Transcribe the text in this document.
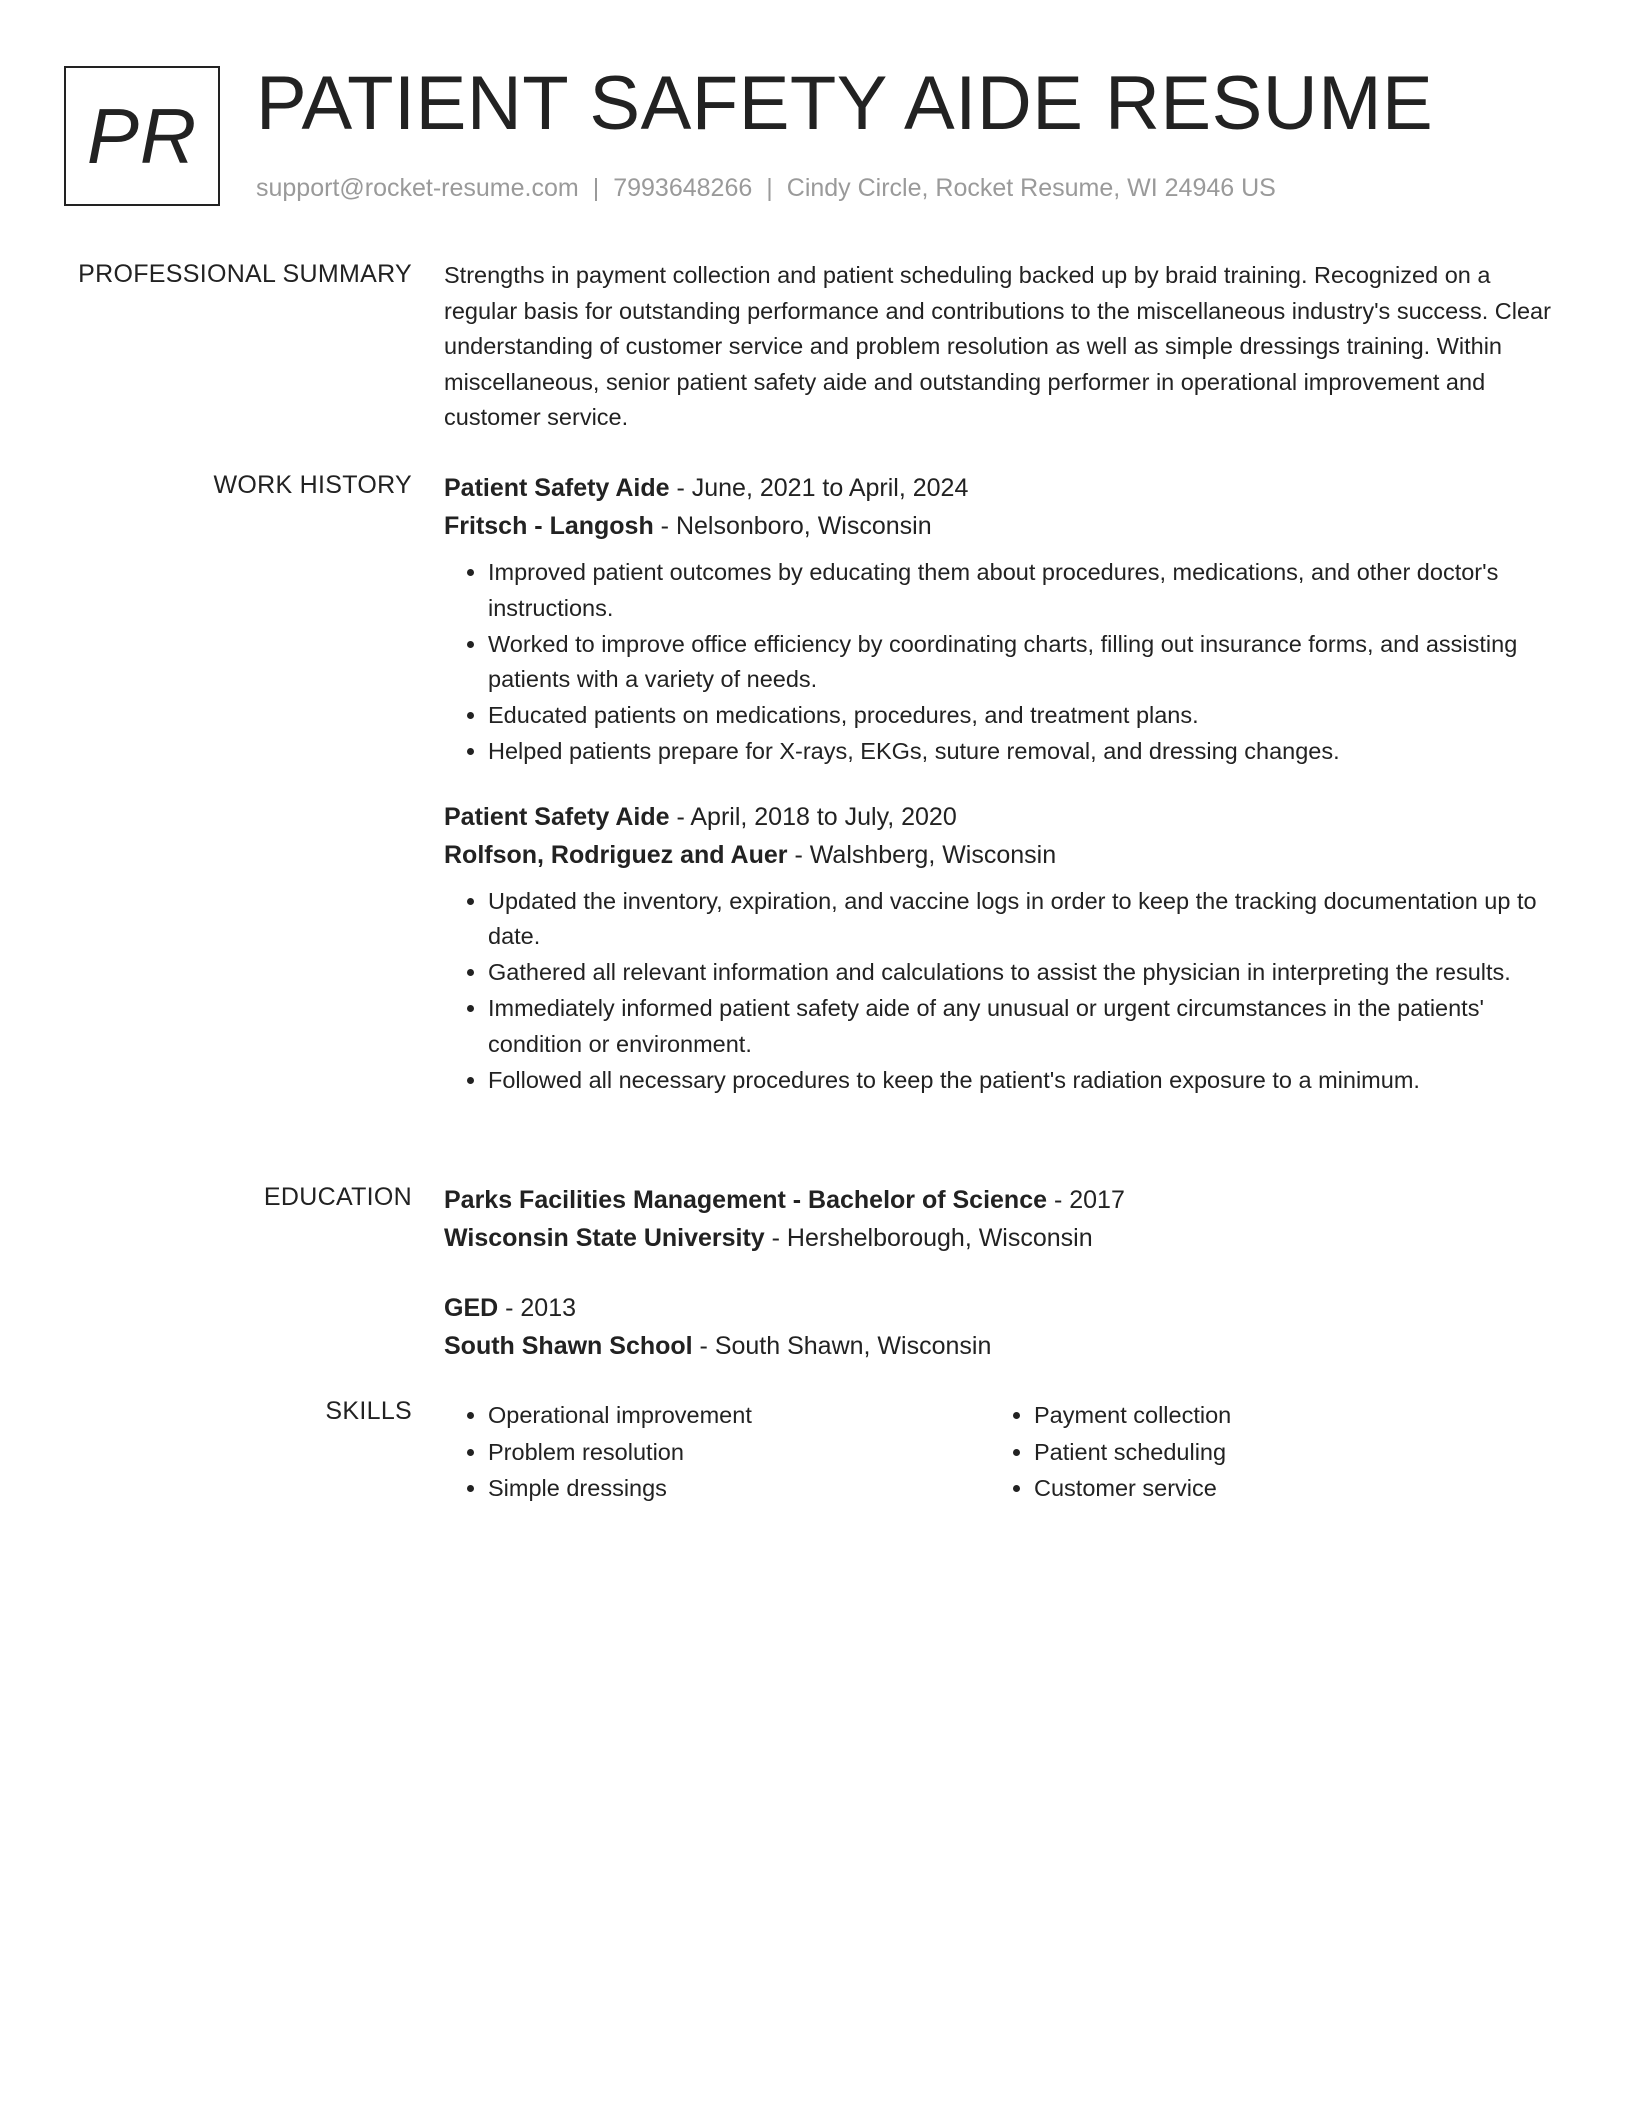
PR PATIENT SAFETY AIDE RESUME
support@rocket-resume.com | 7993648266 | Cindy Circle, Rocket Resume, WI 24946 US
PROFESSIONAL SUMMARY Strengths in payment collection and patient scheduling backed up by braid training. Recognized on a regular basis for outstanding performance and contributions to the miscellaneous industry's success. Clear understanding of customer service and problem resolution as well as simple dressings training. Within miscellaneous, senior patient safety aide and outstanding performer in operational improvement and customer service.

WORK HISTORY Patient Safety Aide - June, 2021 to April, 2024
Fritsch - Langosh - Nelsonboro, Wisconsin
• Improved patient outcomes by educating them about procedures, medications, and other doctor's instructions.
• Worked to improve office efficiency by coordinating charts, filling out insurance forms, and assisting patients with a variety of needs.
• Educated patients on medications, procedures, and treatment plans.
• Helped patients prepare for X-rays, EKGs, suture removal, and dressing changes.
Patient Safety Aide - April, 2018 to July, 2020
Rolfson, Rodriguez and Auer - Walshberg, Wisconsin
• Updated the inventory, expiration, and vaccine logs in order to keep the tracking documentation up to date.
• Gathered all relevant information and calculations to assist the physician in interpreting the results.
• Immediately informed patient safety aide of any unusual or urgent circumstances in the patients' condition or environment.
• Followed all necessary procedures to keep the patient's radiation exposure to a minimum.
EDUCATION Parks Facilities Management - Bachelor of Science - 2017
Wisconsin State University - Hershelborough, Wisconsin
GED - 2013
South Shawn School - South Shawn, Wisconsin
SKILLS
•	Operational improvement
• Problem resolution
• Simple dressings
• Payment collection
• Patient scheduling
• Customer service
